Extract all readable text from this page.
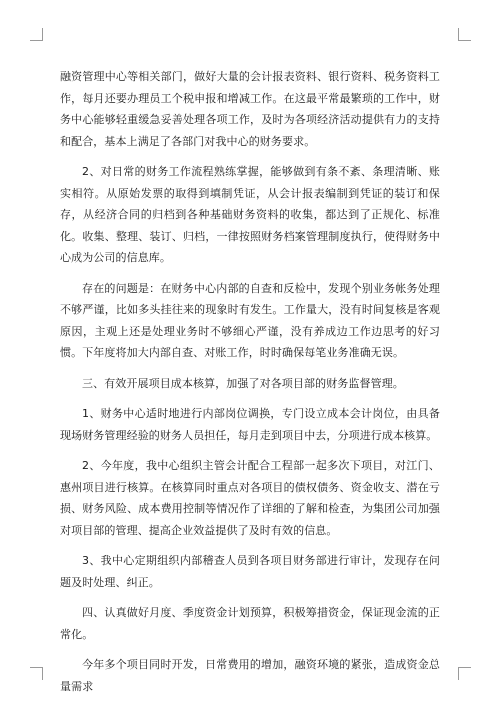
融资管理中心等相关部门，做好大量的会计报表资料、银行资料、税务资料工作，每月还要办理员工个税申报和增减工作。在这最平常最繁琐的工作中，财务中心能够轻重缓急妥善处理各项工作，及时为各项经济活动提供有力的支持和配合，基本上满足了各部门对我中心的财务要求。

2、对日常的财务工作流程熟练掌握，能够做到有条不紊、条理清晰、账实相符。从原始发票的取得到填制凭证，从会计报表编制到凭证的装订和保存，从经济合同的归档到各种基础财务资料的收集，都达到了正规化、标准化。收集、整理、装订、归档，一律按照财务档案管理制度执行，使得财务中心成为公司的信息库。

存在的问题是：在财务中心内部的自查和反检中，发现个别业务帐务处理不够严谨，比如多头挂往来的现象时有发生。工作量大，没有时间复核是客观原因，主观上还是处理业务时不够细心严谨，没有养成边工作边思考的好习惯。下年度将加大内部自查、对账工作，时时确保每笔业务准确无误。

三、有效开展项目成本核算，加强了对各项目部的财务监督管理。

1、财务中心适时地进行内部岗位调换，专门设立成本会计岗位，由具备现场财务管理经验的财务人员担任，每月走到项目中去，分项进行成本核算。

2、今年度，我中心组织主管会计配合工程部一起多次下项目，对江门、惠州项目进行核算。在核算同时重点对各项目的债权债务、资金收支、潜在亏损、财务风险、成本费用控制等情况作了详细的了解和检查，为集团公司加强对项目部的管理、提高企业效益提供了及时有效的信息。

3、我中心定期组织内部稽查人员到各项目财务部进行审计，发现存在问题及时处理、纠正。

四、认真做好月度、季度资金计划预算，积极筹措资金，保证现金流的正常化。

今年多个项目同时开发，日常费用的增加，融资环境的紧张，造成资金总量需求
